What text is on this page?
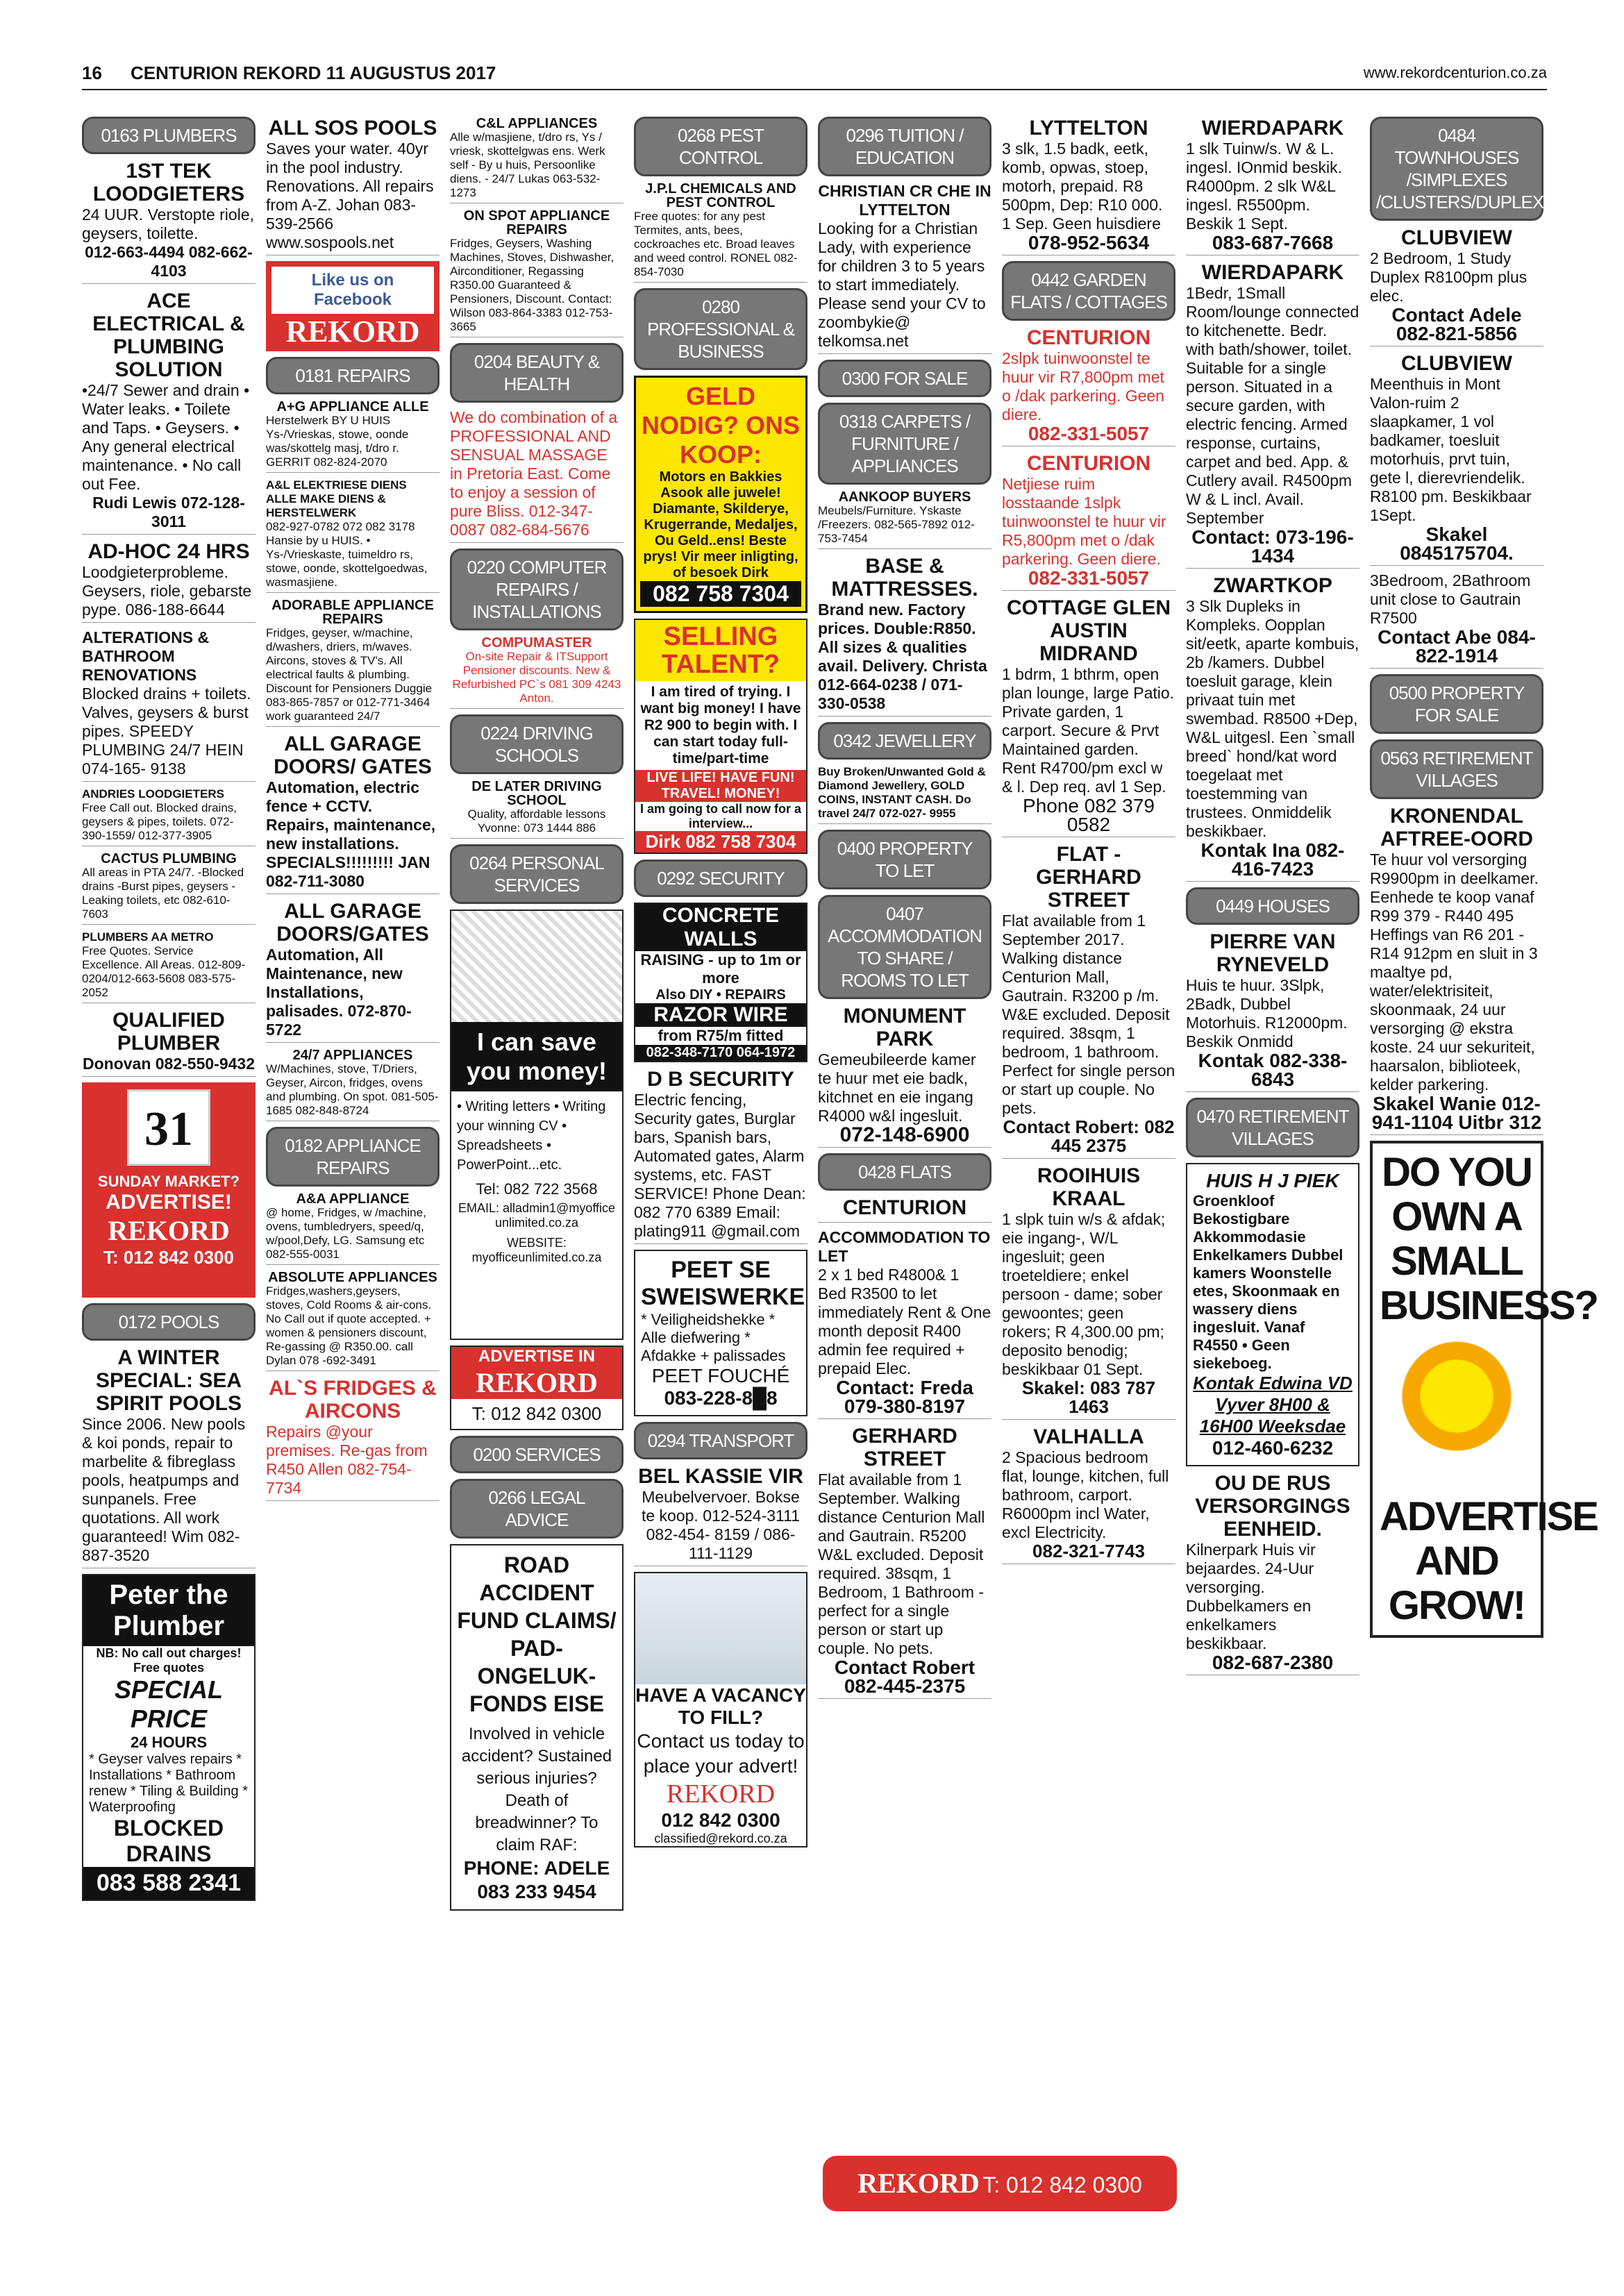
16 CENTURION REKORD 11 AUGUSTUS 2017	www.rekordcenturion.co.za
0163 PLUMBERS
1ST TEK LOODGIETERS

24 UUR. Verstopte riole, geysers, toilette.

012-663-4494 082-662-4103

ACE ELECTRICAL & PLUMBING SOLUTION

•24/7 Sewer and drain • Water leaks. • Toilete and Taps. • Geysers. • Any general electrical maintenance. • No call out Fee.

Rudi Lewis 072-128-3011

AD-HOC 24 HRS

Loodgieterprobleme. Geysers, riole, gebarste pype. 086-188-6644

ALTERATIONS & BATHROOM RENOVATIONS

Blocked drains + toilets. Valves, geysers & burst pipes. SPEEDY PLUMBING 24/7 HEIN 074-165- 9138

ANDRIES LOODGIETERS

Free Call out. Blocked drains, geysers & pipes, toilets. 072- 390-1559/ 012-377-3905

CACTUS PLUMBING

All areas in PTA 24/7. -Blocked drains -Burst pipes, geysers -Leaking toilets, etc 082-610-7603

PLUMBERS AA METRO

Free Quotes. Service Excellence. All Areas. 012-809-0204/012-663-5608 083-575-2052

QUALIFIED PLUMBER

Donovan 082-550-9432

31

SUNDAY MARKET?

ADVERTISE!

REKORD

T: 012 842 0300

0172 POOLS
A WINTER SPECIAL: SEA SPIRIT POOLS

Since 2006. New pools & koi ponds, repair to marbelite & fibreglass pools, heatpumps and sunpanels. Free quotations. All work guaranteed! Wim 082-887-3520

Peter the Plumber

NB: No call out charges! Free quotes

SPECIAL PRICE

24 HOURS

* Geyser valves repairs * Installations * Bathroom renew * Tiling & Building * Waterproofing

BLOCKED DRAINS

083 588 2341
ALL SOS POOLS

Saves your water. 40yr in the pool industry. Renovations. All repairs from A-Z. Johan 083-539-2566 www.sospools.net

Like us on Facebook

REKORD

0181 REPAIRS
A+G APPLIANCE ALLE

Herstelwerk BY U HUIS Ys-/Vrieskas, stowe, oonde was/skottelg masj, t/dro r. GERRIT 082-824-2070

A&L ELEKTRIESE DIENS ALLE MAKE DIENS & HERSTELWERK

082-927-0782 072 082 3178 Hansie by u HUIS. • Ys-/Vrieskaste, tuimeldro rs, stowe, oonde, skottelgoedwas, wasmasjiene.

ADORABLE APPLIANCE REPAIRS

Fridges, geyser, w/machine, d/washers, driers, m/waves. Aircons, stoves & TV's. All electrical faults & plumbing. Discount for Pensioners Duggie 083-865-7857 or 012-771-3464 work guaranteed 24/7

ALL GARAGE DOORS/ GATES

Automation, electric fence + CCTV. Repairs, maintenance, new installations. SPECIALS!!!!!!!!! JAN 082-711-3080

ALL GARAGE DOORS/GATES

Automation, All Maintenance, new Installations, palisades. 072-870-5722

24/7 APPLIANCES

W/Machines, stove, T/Driers, Geyser, Aircon, fridges, ovens and plumbing. On spot. 081-505-1685 082-848-8724

0182 APPLIANCE REPAIRS
A&A APPLIANCE

@ home, Fridges, w /machine, ovens, tumbledryers, speed/q, w/pool,Defy, LG. Samsung etc 082-555-0031

ABSOLUTE APPLIANCES

Fridges,washers,geysers, stoves, Cold Rooms & air-cons. No Call out if quote accepted. + women & pensioners discount, Re-gassing @ R350.00. call Dylan 078 -692-3491

AL`S FRIDGES & AIRCONS

Repairs @your premises. Re-gas from R450 Allen 082-754-7734

C&L APPLIANCES

Alle w/masjiene, t/dro rs, Ys / vriesk, skottelgwas ens. Werk self - By u huis, Persoonlike diens. - 24/7 Lukas 063-532- 1273

ON SPOT APPLIANCE REPAIRS

Fridges, Geysers, Washing Machines, Stoves, Dishwasher, Airconditioner, Regassing R350.00 Guaranteed & Pensioners, Discount. Contact: Wilson 083-864-3383 012-753-3665

0204 BEAUTY & HEALTH

We do combination of a PROFESSIONAL AND SENSUAL MASSAGE in Pretoria East. Come to enjoy a session of pure Bliss. 012-347-0087 082-684-5676

0220 COMPUTER REPAIRS / INSTALLATIONS
COMPUMASTER

On-site Repair & ITSupport Pensioner discounts. New & Refurbished PC`s 081 309 4243 Anton.

0224 DRIVING SCHOOLS
DE LATER DRIVING SCHOOL

Quality, affordable lessons Yvonne: 073 1444 886

0264 PERSONAL SERVICES
I can save you money!

• Writing letters • Writing your winning CV • Spreadsheets • PowerPoint...etc.

Tel: 082 722 3568

EMAIL: alladmin1@myoffice unlimited.co.za

WEBSITE: myofficeunlimited.co.za

ADVERTISE IN
REKORD

T: 012 842 0300

0200 SERVICES
0266 LEGAL ADVICE

ROAD ACCIDENT FUND CLAIMS/ PAD-ONGELUK-FONDS EISE

Involved in vehicle accident? Sustained serious injuries? Death of breadwinner? To claim RAF:

PHONE: ADELE 083 233 9454

0268 PEST CONTROL
J.P.L CHEMICALS AND PEST CONTROL

Free quotes: for any pest Termites, ants, bees, cockroaches etc. Broad leaves and weed control. RONEL 082-854-7030

0280 PROFESSIONAL & BUSINESS

GELD NODIG? ONS KOOP:

Motors en Bakkies Asook alle juwele! Diamante, Skilderye, Krugerrande, Medaljes, Ou Geld..ens! Beste prys! Vir meer inligting, of besoek Dirk

082 758 7304
SELLING TALENT?

I am tired of trying. I want big money! I have R2 900 to begin with. I can start today full-time/part-time

LIVE LIFE! HAVE FUN! TRAVEL! MONEY!

I am going to call now for a interview...

Dirk 082 758 7304
0292 SECURITY
CONCRETE WALLS

RAISING - up to 1m or more

Also DIY • REPAIRS

RAZOR WIRE

from R75/m fitted

082-348-7170 064-1972
D B SECURITY

Electric fencing, Security gates, Burglar bars, Spanish bars, Automated gates, Alarm systems, etc. FAST SERVICE! Phone Dean: 082 770 6389 Email: plating911 @gmail.com

PEET SE SWEISWERKE

* Veiligheidshekke * Alle diefwering * Afdakke + palissades

PEET FOUCHÉ

083-228-8█8

0294 TRANSPORT
BEL KASSIE VIR

Meubelvervoer. Bokse te koop. 012-524-3111 082-454- 8159 / 086-111-1129

HAVE A VACANCY TO FILL?

Contact us today to place your advert!

REKORD

012 842 0300

classified@rekord.co.za

0296 TUITION / EDUCATION

CHRISTIAN CR CHE IN LYTTELTON

Looking for a Christian Lady, with experience for children 3 to 5 years to start immediately. Please send your CV to zoombykie@ telkomsa.net

0300 FOR SALE
0318 CARPETS / FURNITURE / APPLIANCES
AANKOOP BUYERS

Meubels/Furniture. Yskaste /Freezers. 082-565-7892 012- 753-7454

BASE & MATTRESSES.

Brand new. Factory prices. Double:R850. All sizes & qualities avail. Delivery. Christa 012-664-0238 / 071- 330-0538

0342 JEWELLERY

Buy Broken/Unwanted Gold & Diamond Jewellery, GOLD COINS, INSTANT CASH. Do travel 24/7 072-027- 9955

0400 PROPERTY TO LET
0407 ACCOMMODATION TO SHARE / ROOMS TO LET
MONUMENT PARK

Gemeubileerde kamer te huur met eie badk, kitchnet en eie ingang R4000 w&l ingesluit.

072-148-6900

0428 FLATS
CENTURION

ACCOMMODATION TO LET

2 x 1 bed R4800& 1 Bed R3500 to let immediately Rent & One month deposit R400 admin fee required + prepaid Elec.

Contact: Freda 079-380-8197

GERHARD STREET

Flat available from 1 September. Walking distance Centurion Mall and Gautrain. R5200 W&L excluded. Deposit required. 38sqm, 1 Bedroom, 1 Bathroom - perfect for a single person or start up couple. No pets.

Contact Robert 082-445-2375

REKORD T: 012 842 0300
LYTTELTON

3 slk, 1.5 badk, eetk, komb, opwas, stoep, motorh, prepaid. R8 500pm, Dep: R10 000. 1 Sep. Geen huisdiere

078-952-5634

0442 GARDEN FLATS / COTTAGES
CENTURION

2slpk tuinwoonstel te huur vir R7,800pm met o /dak parkering. Geen diere.

082-331-5057

CENTURION

Netjiese ruim losstaande 1slpk tuinwoonstel te huur vir R5,800pm met o /dak parkering. Geen diere.

082-331-5057

COTTAGE GLEN AUSTIN MIDRAND

1 bdrm, 1 bthrm, open plan lounge, large Patio. Private garden, 1 carport. Secure & Prvt Maintained garden. Rent R4700/pm excl w & l. Dep req. avl 1 Sep.

Phone 082 379 0582

FLAT - GERHARD STREET

Flat available from 1 September 2017. Walking distance Centurion Mall, Gautrain. R3200 p /m. W&E excluded. Deposit required. 38sqm, 1 bedroom, 1 bathroom. Perfect for single person or start up couple. No pets.

Contact Robert: 082 445 2375

ROOIHUIS KRAAL

1 slpk tuin w/s & afdak; eie ingang-, W/L ingesluit; geen troeteldiere; enkel persoon - dame; sober gewoontes; geen rokers; R 4,300.00 pm; deposito benodig; beskikbaar 01 Sept.

Skakel: 083 787 1463

VALHALLA

2 Spacious bedroom flat, lounge, kitchen, full bathroom, carport. R6000pm incl Water, excl Electricity.

082-321-7743

WIERDAPARK

1 slk Tuinw/s. W & L. ingesl. IOnmid beskik. R4000pm. 2 slk W&L ingesl. R5500pm. Beskik 1 Sept.

083-687-7668

WIERDAPARK

1Bedr, 1Small Room/lounge connected to kitchenette. Bedr. with bath/shower, toilet. Suitable for a single person. Situated in a secure garden, with electric fencing. Armed response, curtains, carpet and bed. App. & Cutlery avail. R4500pm W & L incl. Avail. September

Contact: 073-196-1434

ZWARTKOP

3 Slk Dupleks in Kompleks. Oopplan sit/eetk, aparte kombuis, 2b /kamers. Dubbel toesluit garage, klein privaat tuin met swembad. R8500 +Dep, W&L uitgesl. Een `small breed` hond/kat word toegelaat met toestemming van trustees. Onmiddelik beskikbaer.

Kontak Ina 082-416-7423

0449 HOUSES
PIERRE VAN RYNEVELD

Huis te huur. 3Slpk, 2Badk, Dubbel Motorhuis. R12000pm. Beskik Onmidd

Kontak 082-338-6843

0470 RETIREMENT VILLAGES

HUIS H J PIEK

Groenkloof Bekostigbare Akkommodasie Enkelkamers Dubbel kamers Woonstelle etes, Skoonmaak en wassery diens ingesluit. Vanaf R4550 • Geen siekeboeg.

Kontak Edwina VD Vyver 8H00 & 16H00 Weeksdae

012-460-6232

OU DE RUS VERSORGINGS EENHEID.

Kilnerpark Huis vir bejaardes. 24-Uur versorging. Dubbelkamers en enkelkamers beskikbaar.

082-687-2380

0484 TOWNHOUSES /SIMPLEXES /CLUSTERS/DUPLEXES
CLUBVIEW

2 Bedroom, 1 Study Duplex R8100pm plus elec.

Contact Adele 082-821-5856

CLUBVIEW

Meenthuis in Mont Valon-ruim 2 slaapkamer, 1 vol badkamer, toesluit motorhuis, prvt tuin, gete l, dierevriendelik. R8100 pm. Beskikbaar 1Sept.

Skakel 0845175704.

3Bedroom, 2Bathroom unit close to Gautrain R7500

Contact Abe 084-822-1914

0500 PROPERTY FOR SALE
0563 RETIREMENT VILLAGES
KRONENDAL AFTREE-OORD

Te huur vol versorging R9900pm in deelkamer. Eenhede te koop vanaf R99 379 - R440 495 Heffings van R6 201 - R14 912pm en sluit in 3 maaltye pd, water/elektrisiteit, skoonmaak, 24 uur versorging @ ekstra koste. 24 uur sekuriteit, haarsalon, biblioteek, kelder parkering.

Skakel Wanie 012-941-1104 Uitbr 312

DO YOU OWN A SMALL BUSINESS?

ADVERTISE AND GROW!
